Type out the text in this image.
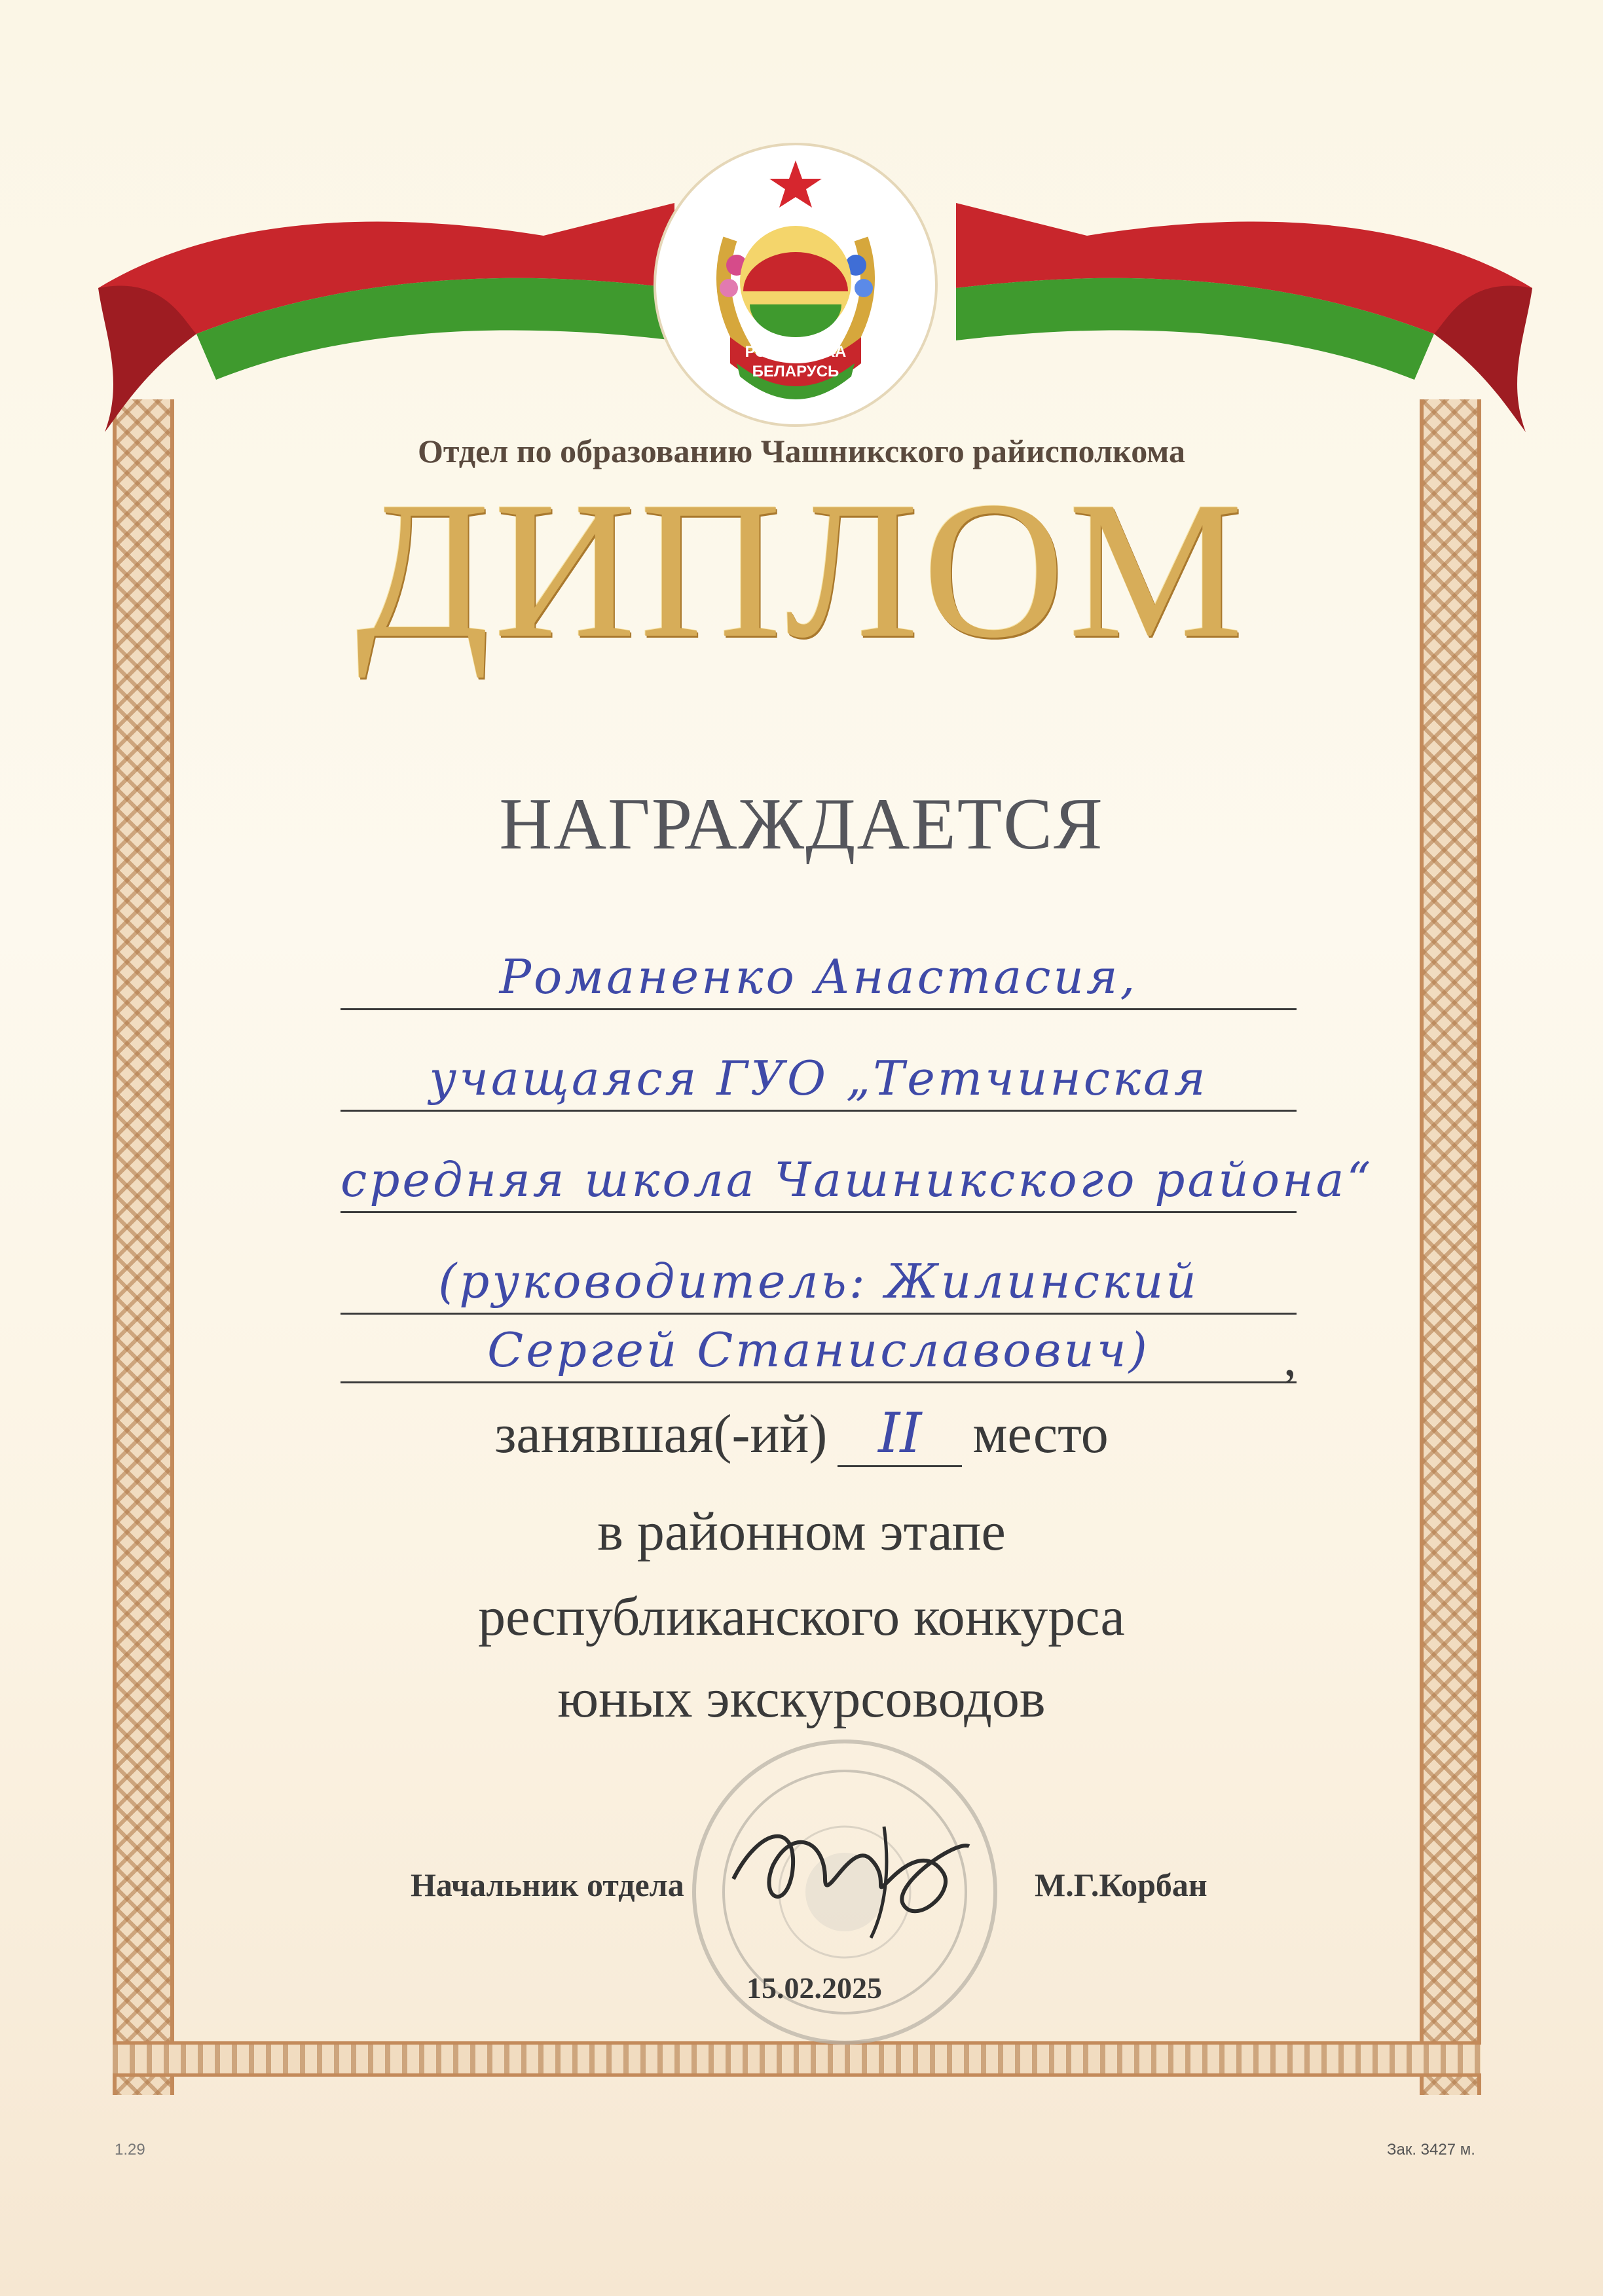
РЭСПУБЛІКА
БЕЛАРУСЬ
Отдел по образованию Чашникского райисполкома
ДИПЛОМ
НАГРАЖДАЕТСЯ
Романенко Анастасия,
учащаяся ГУО „Тетчинская
средняя школа Чашникского района“
(руководитель: Жилинский
Сергей Станиславович)	,
занявшая(-ий) II место
в районном этапе
республиканского конкурса
юных экскурсоводов
Начальник отдела	М.Г.Корбан
15.02.2025
1.29	Зак. 3427 м.
